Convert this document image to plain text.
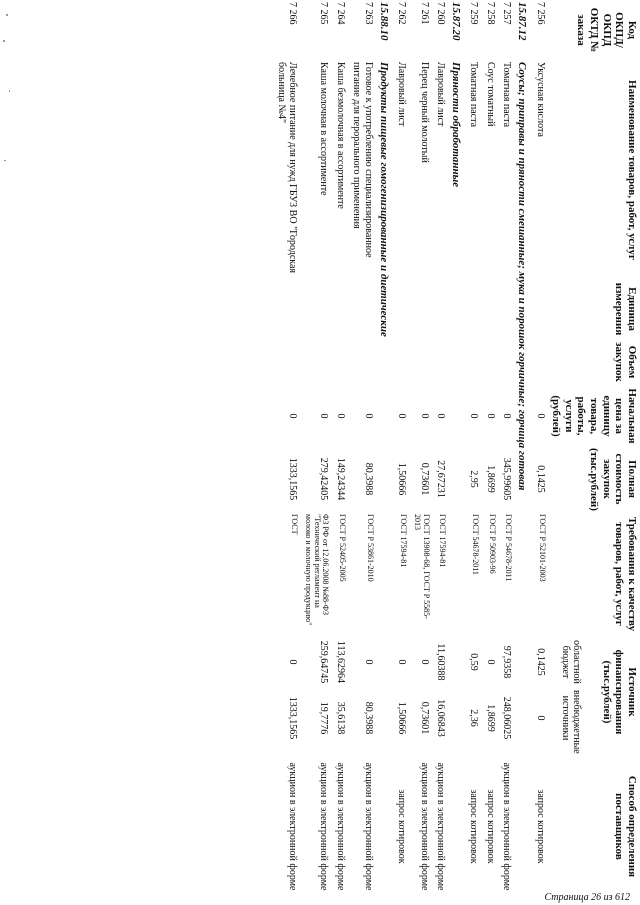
Код ОКПД/ ОКПД ОКТД № заказа	Наименование товаров, работ, услуг	Единица измерения	Объем закупок	Начальная цена за единицу товара, работы, услуги (рублей)	Полная стоимость закупок (тыс.рублей)	Требования к качеству товаров, работ, услуг	Источник финансирования (тыс.рублей)		Способ определения поставщиков
							областной бюджет	внебюджетные источники	
7 256	Уксусная кислота			0	0,1425	ГОСТ Р 52101-2003	0,1425	0	запрос котировок
15.87.12	Соусы; приправы и пряности смешанные; мука и порошок горчичные; горчица готовая								
7 257	Томатная паста			0	345,99605	ГОСТ Р 54678-2011	97,9358	248,06025	аукцион в электронной форме
7 258	Соус томатный			0	1,8699	ГОСТ Р 50903-96	0	1,8699	запрос котировок
7 259	Томатная паста			0	2,95	ГОСТ 54678-2011	0,59	2,36	запрос котировок
15.87.20	Пряности обработанные								
7 260	Лавровый лист			0	27,67231	ГОСТ 17594-81	11,60388	16,06843	аукцион в электронной форме
7 261	Перец черный молотый			0	0,73601	ГОСТ 13908-68, ГОСТ Р 5585-2013	0	0,73601	аукцион в электронной форме
7 262	Лавровый лист			0	1,50666	ГОСТ 17594-81	0	1,50666	запрос котировок
15.88.10	Продукты пищевые гомогенизированные и диетические								
7 263	Готовое к употреблению специализированное питание для перорального применения			0	80,3988	ГОСТ Р 53861-2010	0	80,3988	аукцион в электронной форме
7 264	Каша безмолочная в ассортименте			0	149,24344	ГОСТ Р 52405-2005	113,62964	35,6138	аукцион в электронной форме
7 265	Каша молочная в ассортименте			0	279,42405	ФЗ РФ от 12.06.2008 №88-ФЗ "Технический регламент на молоко и молочную продукцию"	259,64745	19,7776	аукцион в электронной форме
7 266	Лечебное питание для нужд ГБУЗ ВО "Городская больница №4"			0	1333,1565	ГОСТ	0	1333,1565	аукцион в электронной форме
Страница 26 из 612
